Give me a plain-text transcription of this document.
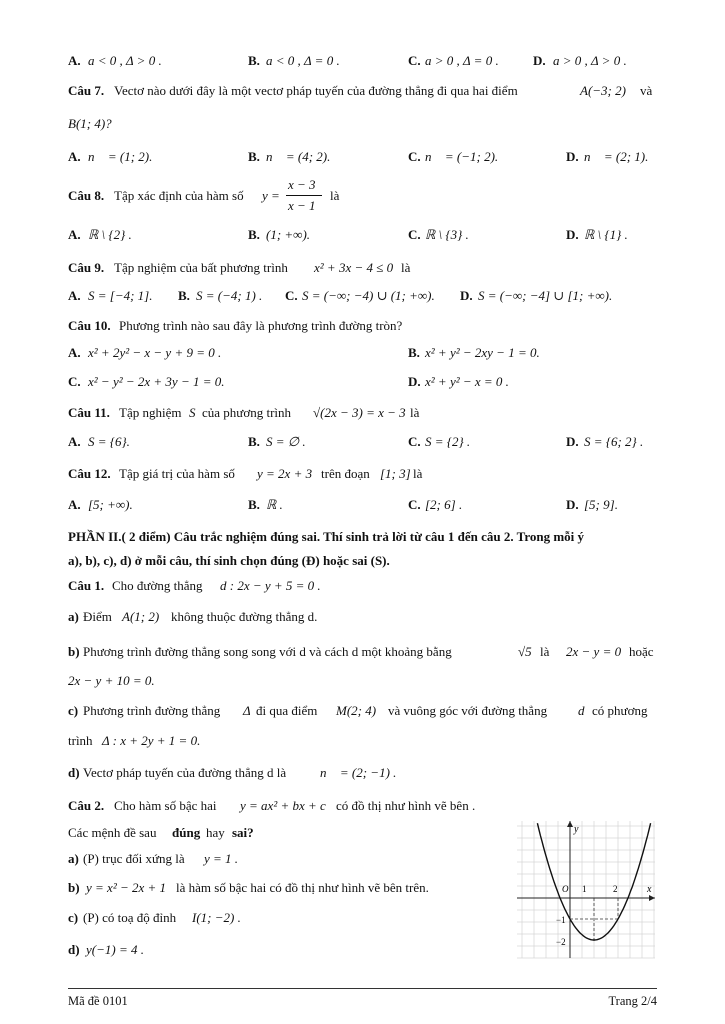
A. a < 0 , Δ > 0 .	B. a < 0 , Δ = 0 .	C. a > 0 , Δ = 0 .	D. a > 0 , Δ > 0 .
Câu 7. Vectơ nào dưới đây là một vectơ pháp tuyến của đường thẳng đi qua hai điểm	A(−3; 2) và
B(1; 4)?
A. n⃗ = (1; 2).	B. n⃗ = (4; 2).	C. n⃗ = (−1; 2).	D. n⃗ = (2; 1).
A. ℝ \ {2} .	B. (1; +∞).	C. ℝ \ {3} .	D. ℝ \ {1} .
Câu 9. Tập nghiệm của bất phương trình x² + 3x − 4 ≤ 0 là
A. S = [−4; 1]. B. S = (−4; 1) . C. S = (−∞; −4) ∪ (1; +∞). D. S = (−∞; −4] ∪ [1; +∞).
Câu 10. Phương trình nào sau đây là phương trình đường tròn?
A. x² + 2y² − x − y + 9 = 0 .	B. x² + y² − 2xy − 1 = 0.
C. x² − y² − 2x + 3y − 1 = 0.	D. x² + y² − x = 0 .
Câu 11. Tập nghiệm S của phương trình √(2x − 3) = x − 3 là
A. S = {6}.	B. S = ∅ .	C. S = {2} .	D. S = {6; 2} .
Câu 12. Tập giá trị của hàm số y = 2x + 3 trên đoạn [1; 3] là
A. [5; +∞).	B. ℝ .	C. [2; 6] .	D. [5; 9].
PHẦN II.( 2 điểm) Câu trắc nghiệm đúng sai. Thí sinh trả lời từ câu 1 đến câu 2. Trong mỗi ý
a), b), c), d) ở mỗi câu, thí sinh chọn đúng (Đ) hoặc sai (S).
Câu 1. Cho đường thẳng d : 2x − y + 5 = 0 .
a) Điểm A(1; 2) không thuộc đường thẳng d.
b) Phương trình đường thẳng song song với d và cách d một khoảng bằng	√5 là 2x − y = 0 hoặc
2x − y + 10 = 0.
c) Phương trình đường thẳng Δ đi qua điểm M(2; 4) và vuông góc với đường thẳng d có phương
trình Δ : x + 2y + 1 = 0.
d) Vectơ pháp tuyến của đường thẳng d là	n⃗ = (2; −1) .
Câu 2. Cho hàm số bậc hai y = ax² + bx + c có đồ thị như hình vẽ bên .
Các mệnh đề sau đúng hay sai?
a) (P) trục đối xứng là y = 1 .
b) y = x² − 2x + 1 là hàm số bậc hai có đồ thị như hình vẽ bên trên.
c) (P) có toạ độ đỉnh I(1; −2) .
d) y(−1) = 4 .
Câu 8. Tập xác định của hàm số y =
x − 3
x − 1
là
y
x
O 1	2
−1
−2
Mã đề 0101	Trang 2/4
